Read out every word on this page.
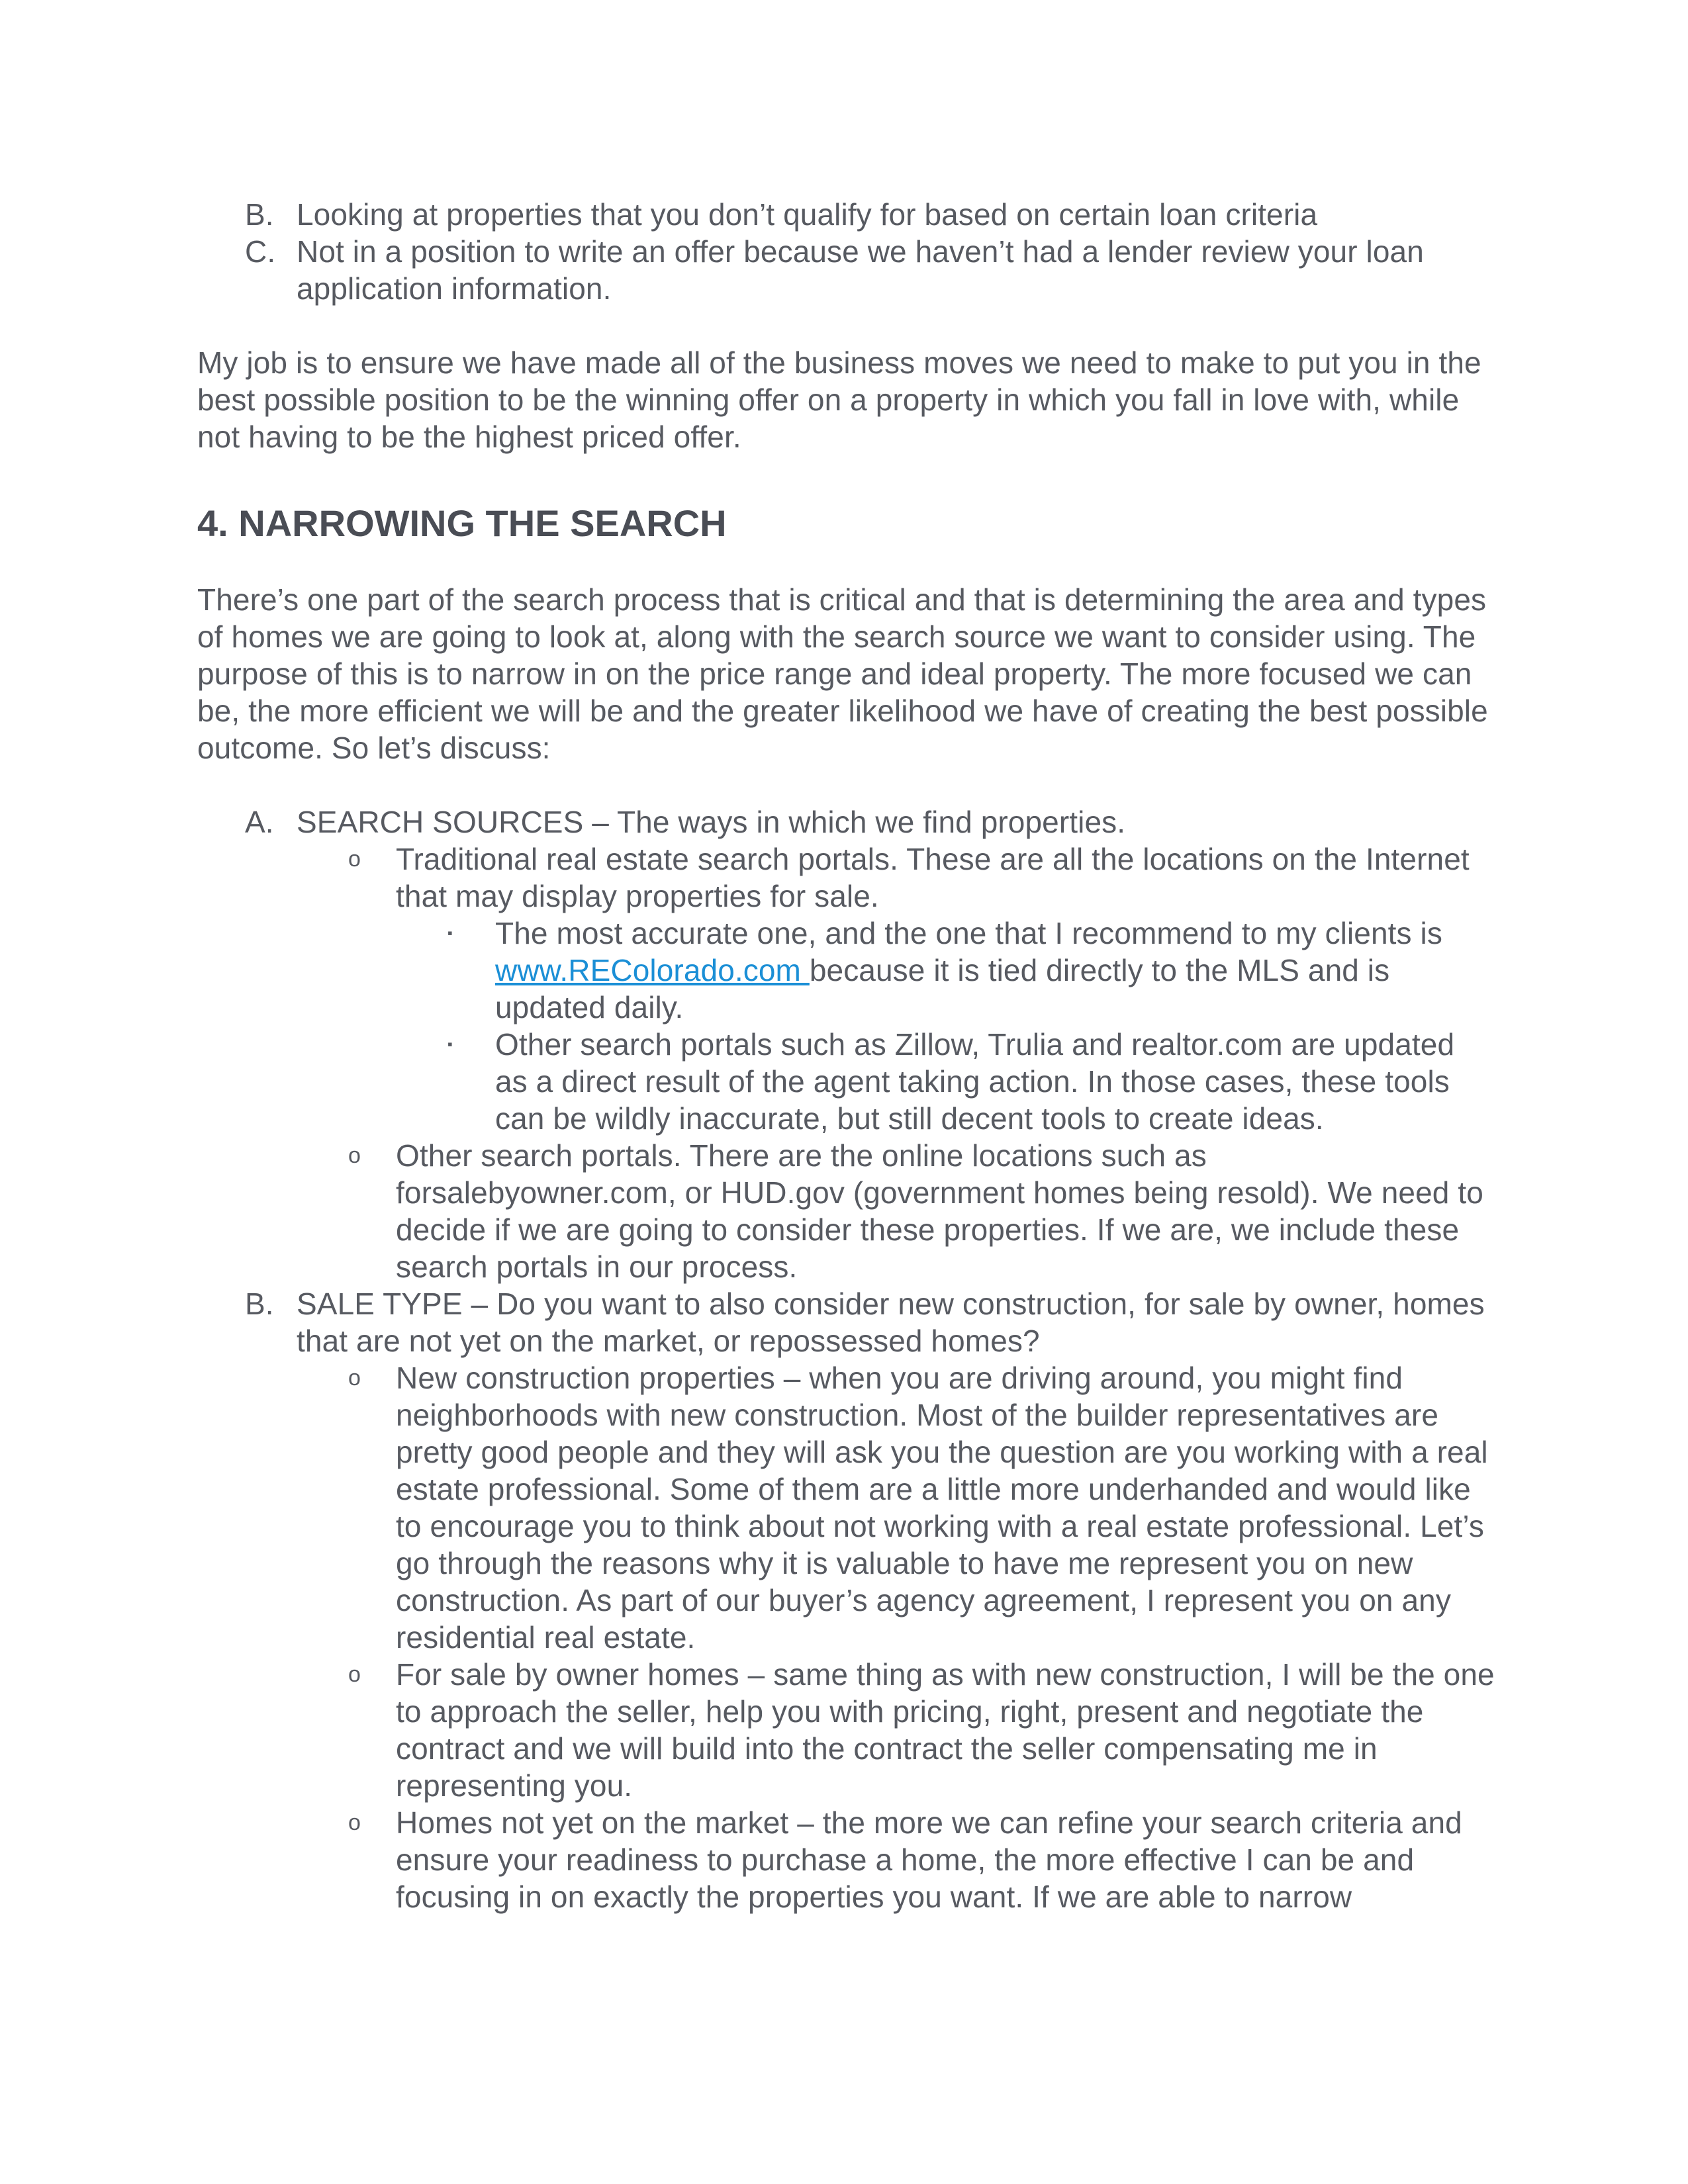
B. Looking at properties that you don’t qualify for based on certain loan criteria
C. Not in a position to write an offer because we haven’t had a lender review your loan application information.

My job is to ensure we have made all of the business moves we need to make to put you in the best possible position to be the winning offer on a property in which you fall in love with, while not having to be the highest priced offer.

4. NARROWING THE SEARCH

There’s one part of the search process that is critical and that is determining the area and types of homes we are going to look at, along with the search source we want to consider using. The purpose of this is to narrow in on the price range and ideal property. The more focused we can be, the more efficient we will be and the greater likelihood we have of creating the best possible outcome. So let’s discuss:

A. SEARCH SOURCES – The ways in which we find properties.
o Traditional real estate search portals. These are all the locations on the Internet that may display properties for sale.
▪ The most accurate one, and the one that I recommend to my clients is www.REColorado.com because it is tied directly to the MLS and is updated daily.
▪ Other search portals such as Zillow, Trulia and realtor.com are updated as a direct result of the agent taking action. In those cases, these tools can be wildly inaccurate, but still decent tools to create ideas.
o Other search portals. There are the online locations such as forsalebyowner.com, or HUD.gov (government homes being resold). We need to decide if we are going to consider these properties. If we are, we include these search portals in our process.
B. SALE TYPE – Do you want to also consider new construction, for sale by owner, homes that are not yet on the market, or repossessed homes?
o New construction properties – when you are driving around, you might find neighborhoods with new construction. Most of the builder representatives are pretty good people and they will ask you the question are you working with a real estate professional. Some of them are a little more underhanded and would like to encourage you to think about not working with a real estate professional. Let’s go through the reasons why it is valuable to have me represent you on new construction. As part of our buyer’s agency agreement, I represent you on any residential real estate.
o For sale by owner homes – same thing as with new construction, I will be the one to approach the seller, help you with pricing, right, present and negotiate the contract and we will build into the contract the seller compensating me in representing you.
o Homes not yet on the market – the more we can refine your search criteria and ensure your readiness to purchase a home, the more effective I can be and focusing in on exactly the properties you want. If we are able to narrow
